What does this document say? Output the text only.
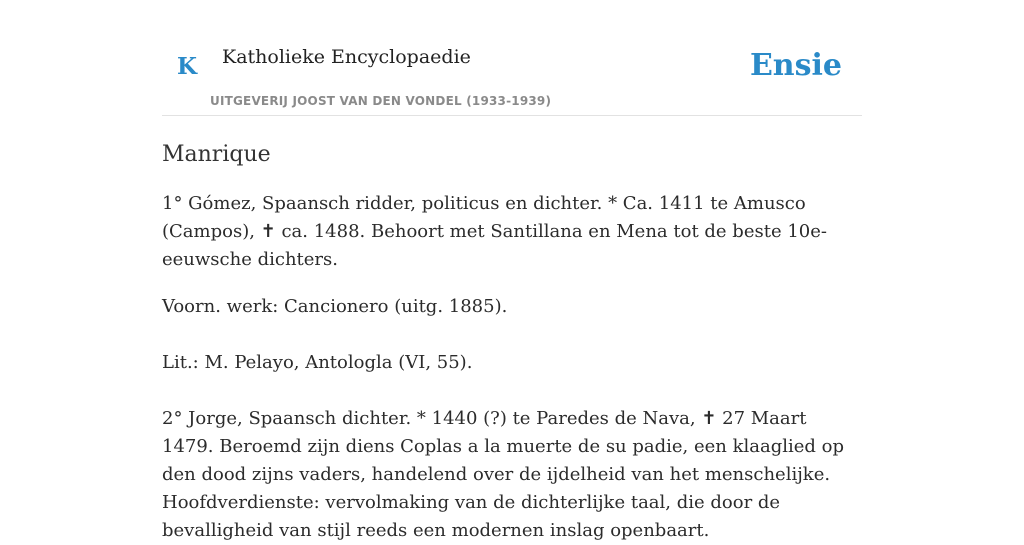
K Katholieke Encyclopaedie
UITGEVERIJ JOOST VAN DEN VONDEL (1933-1939)
Ensie
Manrique

1° Gómez, Spaansch ridder, politicus en dichter. * Ca. 1411 te Amusco (Campos), ✝ ca. 1488. Behoort met Santillana en Mena tot de beste 10e-eeuwsche dichters.

Voorn. werk: Cancionero (uitg. 1885).

Lit.: M. Pelayo, Antologla (VI, 55).

2° Jorge, Spaansch dichter. * 1440 (?) te Paredes de Nava, ✝ 27 Maart 1479. Beroemd zijn diens Coplas a la muerte de su padie, een klaaglied op den dood zijns vaders, handelend over de ijdelheid van het menschelijke. Hoofdverdienste: vervolmaking van de dichterlijke taal, die door de bevalligheid van stijl reeds een modernen inslag openbaart.
